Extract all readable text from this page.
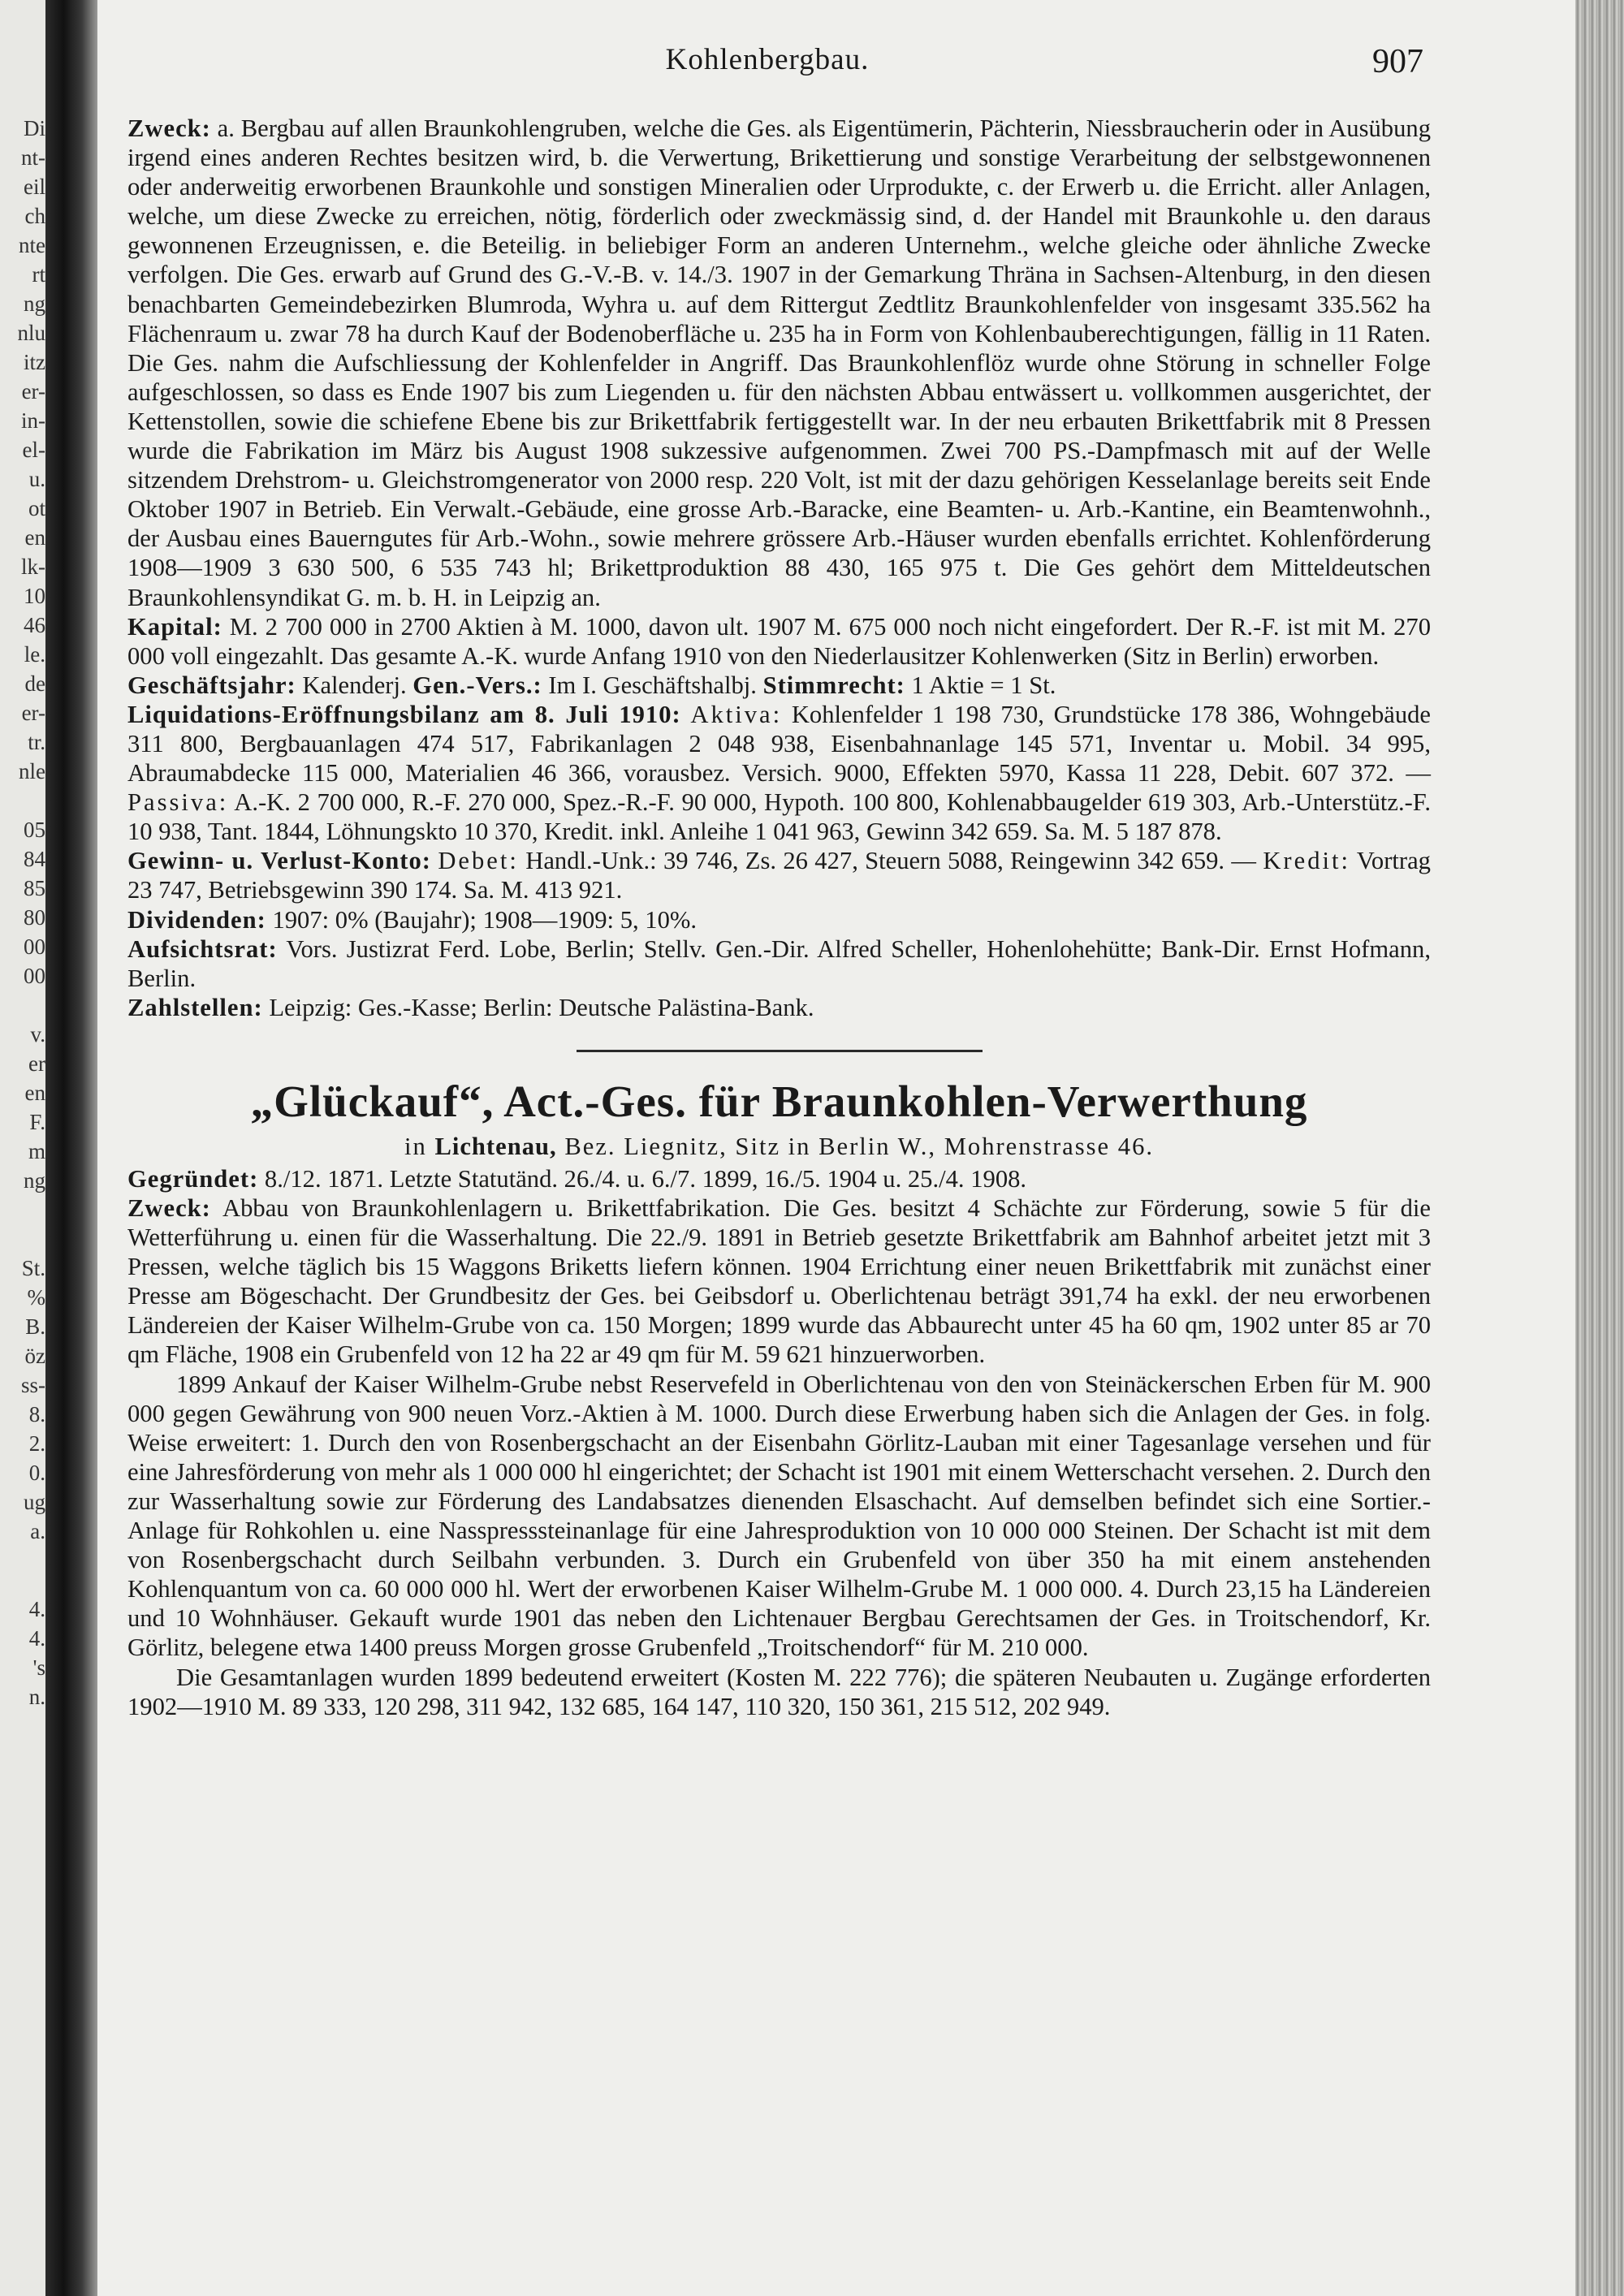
Di
nt-
eil
ch
nte
rt
ng
nlu
itz
er-
in-
el-
u.
ot
en
lk-
10
46
le.
de
er-
tr.
nle
05
84
85
80
00
00
v.
er
en
F.
m
ng
St.
%
B.
öz
ss-
8.
2.
0.
ug
a.
4.
4.
's
n.
Kohlenbergbau.	907

Zweck: a. Bergbau auf allen Braunkohlengruben, welche die Ges. als Eigentümerin, Pächterin, Niessbraucherin oder in Ausübung irgend eines anderen Rechtes besitzen wird, b. die Verwertung, Brikettierung und sonstige Verarbeitung der selbstgewonnenen oder anderweitig erworbenen Braunkohle und sonstigen Mineralien oder Urprodukte, c. der Erwerb u. die Erricht. aller Anlagen, welche, um diese Zwecke zu erreichen, nötig, förderlich oder zweckmässig sind, d. der Handel mit Braunkohle u. den daraus gewonnenen Erzeugnissen, e. die Beteilig. in beliebiger Form an anderen Unternehm., welche gleiche oder ähnliche Zwecke verfolgen. Die Ges. erwarb auf Grund des G.-V.-B. v. 14./3. 1907 in der Gemarkung Thräna in Sachsen-Altenburg, in den diesen benachbarten Gemeindebezirken Blumroda, Wyhra u. auf dem Rittergut Zedtlitz Braunkohlenfelder von insgesamt 335.562 ha Flächenraum u. zwar 78 ha durch Kauf der Bodenoberfläche u. 235 ha in Form von Kohlenbauberechtigungen, fällig in 11 Raten. Die Ges. nahm die Aufschliessung der Kohlenfelder in Angriff. Das Braunkohlenflöz wurde ohne Störung in schneller Folge aufgeschlossen, so dass es Ende 1907 bis zum Liegenden u. für den nächsten Abbau entwässert u. vollkommen ausgerichtet, der Kettenstollen, sowie die schiefene Ebene bis zur Brikettfabrik fertiggestellt war. In der neu erbauten Brikettfabrik mit 8 Pressen wurde die Fabrikation im März bis August 1908 sukzessive aufgenommen. Zwei 700 PS.-Dampfmasch mit auf der Welle sitzendem Drehstrom- u. Gleichstromgenerator von 2000 resp. 220 Volt, ist mit der dazu gehörigen Kesselanlage bereits seit Ende Oktober 1907 in Betrieb. Ein Verwalt.-Gebäude, eine grosse Arb.-Baracke, eine Beamten- u. Arb.-Kantine, ein Beamtenwohnh., der Ausbau eines Bauerngutes für Arb.-Wohn., sowie mehrere grössere Arb.-Häuser wurden ebenfalls errichtet. Kohlenförderung 1908—1909 3 630 500, 6 535 743 hl; Brikettproduktion 88 430, 165 975 t. Die Ges gehört dem Mitteldeutschen Braunkohlensyndikat G. m. b. H. in Leipzig an.

Kapital: M. 2 700 000 in 2700 Aktien à M. 1000, davon ult. 1907 M. 675 000 noch nicht eingefordert. Der R.-F. ist mit M. 270 000 voll eingezahlt. Das gesamte A.-K. wurde Anfang 1910 von den Niederlausitzer Kohlenwerken (Sitz in Berlin) erworben.

Geschäftsjahr: Kalenderj. Gen.-Vers.: Im I. Geschäftshalbj. Stimmrecht: 1 Aktie = 1 St.

Liquidations-Eröffnungsbilanz am 8. Juli 1910: Aktiva: Kohlenfelder 1 198 730, Grundstücke 178 386, Wohngebäude 311 800, Bergbauanlagen 474 517, Fabrikanlagen 2 048 938, Eisenbahnanlage 145 571, Inventar u. Mobil. 34 995, Abraumabdecke 115 000, Materialien 46 366, vorausbez. Versich. 9000, Effekten 5970, Kassa 11 228, Debit. 607 372. — Passiva: A.-K. 2 700 000, R.-F. 270 000, Spez.-R.-F. 90 000, Hypoth. 100 800, Kohlenabbaugelder 619 303, Arb.-Unterstütz.-F. 10 938, Tant. 1844, Löhnungskto 10 370, Kredit. inkl. Anleihe 1 041 963, Gewinn 342 659. Sa. M. 5 187 878.

Gewinn- u. Verlust-Konto: Debet: Handl.-Unk.: 39 746, Zs. 26 427, Steuern 5088, Reingewinn 342 659. — Kredit: Vortrag 23 747, Betriebsgewinn 390 174. Sa. M. 413 921.

Dividenden: 1907: 0% (Baujahr); 1908—1909: 5, 10%.

Aufsichtsrat: Vors. Justizrat Ferd. Lobe, Berlin; Stellv. Gen.-Dir. Alfred Scheller, Hohenlohehütte; Bank-Dir. Ernst Hofmann, Berlin.

Zahlstellen: Leipzig: Ges.-Kasse; Berlin: Deutsche Palästina-Bank.

„Glückauf“, Act.-Ges. für Braunkohlen-Verwerthung
in Lichtenau, Bez. Liegnitz, Sitz in Berlin W., Mohrenstrasse 46.

Gegründet: 8./12. 1871. Letzte Statutänd. 26./4. u. 6./7. 1899, 16./5. 1904 u. 25./4. 1908.

Zweck: Abbau von Braunkohlenlagern u. Brikettfabrikation. Die Ges. besitzt 4 Schächte zur Förderung, sowie 5 für die Wetterführung u. einen für die Wasserhaltung. Die 22./9. 1891 in Betrieb gesetzte Brikettfabrik am Bahnhof arbeitet jetzt mit 3 Pressen, welche täglich bis 15 Waggons Briketts liefern können. 1904 Errichtung einer neuen Brikettfabrik mit zunächst einer Presse am Bögeschacht. Der Grundbesitz der Ges. bei Geibsdorf u. Oberlichtenau beträgt 391,74 ha exkl. der neu erworbenen Ländereien der Kaiser Wilhelm-Grube von ca. 150 Morgen; 1899 wurde das Abbaurecht unter 45 ha 60 qm, 1902 unter 85 ar 70 qm Fläche, 1908 ein Grubenfeld von 12 ha 22 ar 49 qm für M. 59 621 hinzuerworben.

1899 Ankauf der Kaiser Wilhelm-Grube nebst Reservefeld in Oberlichtenau von den von Steinäckerschen Erben für M. 900 000 gegen Gewährung von 900 neuen Vorz.-Aktien à M. 1000. Durch diese Erwerbung haben sich die Anlagen der Ges. in folg. Weise erweitert: 1. Durch den von Rosenbergschacht an der Eisenbahn Görlitz-Lauban mit einer Tagesanlage versehen und für eine Jahresförderung von mehr als 1 000 000 hl eingerichtet; der Schacht ist 1901 mit einem Wetterschacht versehen. 2. Durch den zur Wasserhaltung sowie zur Förderung des Landabsatzes dienenden Elsaschacht. Auf demselben befindet sich eine Sortier.-Anlage für Rohkohlen u. eine Nasspresssteinanlage für eine Jahresproduktion von 10 000 000 Steinen. Der Schacht ist mit dem von Rosenbergschacht durch Seilbahn verbunden. 3. Durch ein Grubenfeld von über 350 ha mit einem anstehenden Kohlenquantum von ca. 60 000 000 hl. Wert der erworbenen Kaiser Wilhelm-Grube M. 1 000 000. 4. Durch 23,15 ha Ländereien und 10 Wohnhäuser. Gekauft wurde 1901 das neben den Lichtenauer Bergbau Gerechtsamen der Ges. in Troitschendorf, Kr. Görlitz, belegene etwa 1400 preuss Morgen grosse Grubenfeld „Troitschendorf“ für M. 210 000.

Die Gesamtanlagen wurden 1899 bedeutend erweitert (Kosten M. 222 776); die späteren Neubauten u. Zugänge erforderten 1902—1910 M. 89 333, 120 298, 311 942, 132 685, 164 147, 110 320, 150 361, 215 512, 202 949.
